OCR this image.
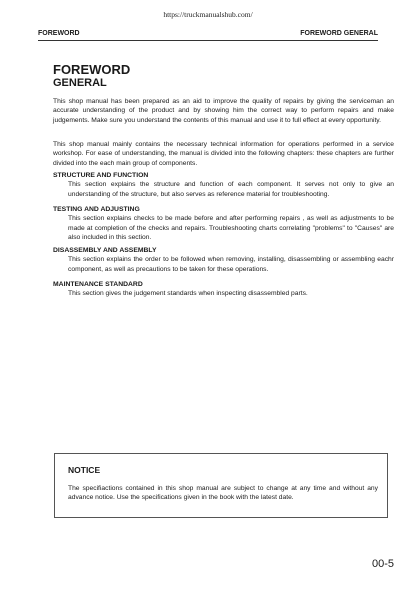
https://truckmanualshub.com/
FOREWORD	FOREWORD GENERAL
FOREWORD
GENERAL

This shop manual has been prepared as an aid to improve the quality of repairs by giving the serviceman an accurate understanding of the product and by showing him the correct way to perform repairs and make judgements. Make sure you understand the contents of this manual and use it to full effect at every opportunity.

This shop manual mainly contains the necessary technical information for operations performed in a service workshop. For ease of understanding, the manual is divided into the following chapters: these chapters are further divided into the each main group of components.

STRUCTURE AND FUNCTION

This section explains the structure and function of each component. It serves not only to give an understanding of the structure, but also serves as reference material for troubleshooting.

TESTING AND ADJUSTING

This section explains checks to be made before and after performing repairs , as well as adjustments to be made at completion of the checks and repairs. Troubleshooting charts correlating "problems" to "Causes" are also included in this section.

DISASSEMBLY AND ASSEMBLY

This section explains the order to be followed when removing, installing, disassembling or assembling eachr component, as well as precautions to be taken for these operations.

MAINTENANCE STANDARD

This section gives the judgement standards when inspecting disassembled parts.

NOTICE

The specifiactions contained in this shop manual are subject to change at any time and without any advance notice. Use the specifications given in the book with the latest date.

00-5
